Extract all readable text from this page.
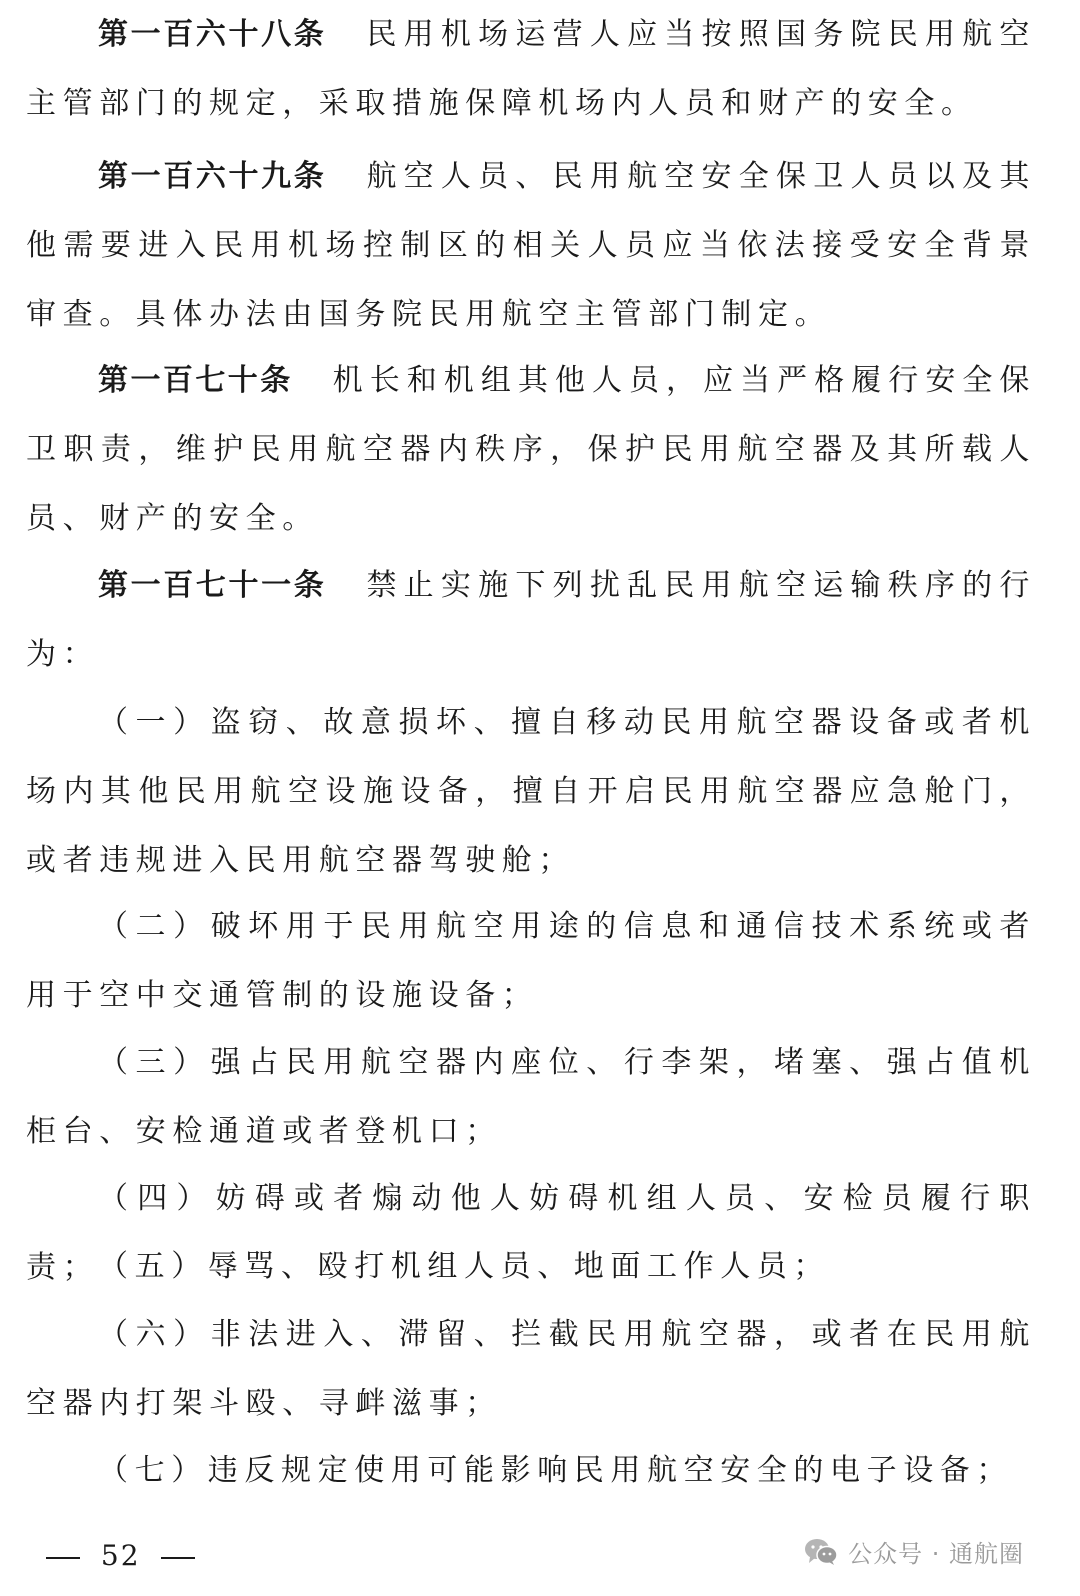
第一百六十八条 民用机场运营人应当按照国务院民用航空主管部门的规定，采取措施保障机场内人员和财产的安全。

第一百六十九条 航空人员、民用航空安全保卫人员以及其他需要进入民用机场控制区的相关人员应当依法接受安全背景审查。具体办法由国务院民用航空主管部门制定。

第一百七十条 机长和机组其他人员，应当严格履行安全保卫职责，维护民用航空器内秩序，保护民用航空器及其所载人员、财产的安全。

第一百七十一条 禁止实施下列扰乱民用航空运输秩序的行为：

（一）盗窃、故意损坏、擅自移动民用航空器设备或者机场内其他民用航空设施设备，擅自开启民用航空器应急舱门，或者违规进入民用航空器驾驶舱；

（二）破坏用于民用航空用途的信息和通信技术系统或者用于空中交通管制的设施设备；

（三）强占民用航空器内座位、行李架，堵塞、强占值机柜台、安检通道或者登机口；

（四）妨碍或者煽动他人妨碍机组人员、安检员履行职责；

（五）辱骂、殴打机组人员、地面工作人员；

（六）非法进入、滞留、拦截民用航空器，或者在民用航空器内打架斗殴、寻衅滋事；

（七）违反规定使用可能影响民用航空安全的电子设备；

52	公众号 · 通航圈
